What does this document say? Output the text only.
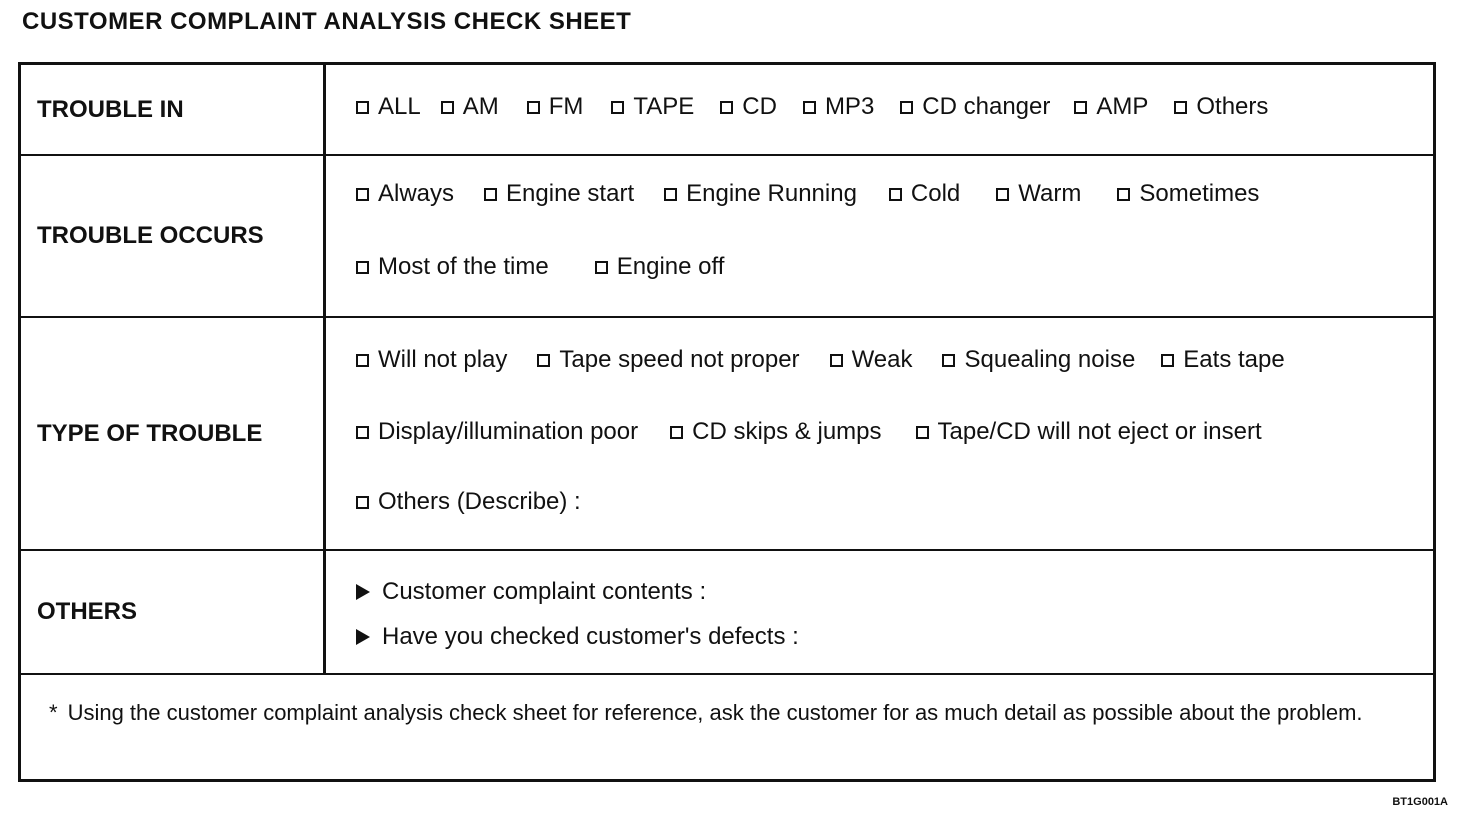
CUSTOMER COMPLAINT ANALYSIS CHECK SHEET
TROUBLE IN	ALL AM FM TAPE CD MP3 CD changer AMP Others
TROUBLE OCCURS
Always Engine start Engine Running Cold Warm Sometimes
Most of the time	Engine off
TYPE OF TROUBLE
Will not play Tape speed not proper Weak Squealing noise Eats tape
Display/illumination poor CD skips & jumps Tape/CD will not eject or insert
Others (Describe) :
OTHERS
Customer complaint contents :
Have you checked customer's defects :
* Using the customer complaint analysis check sheet for reference, ask the customer for as much detail as possible about the problem.
BT1G001A
